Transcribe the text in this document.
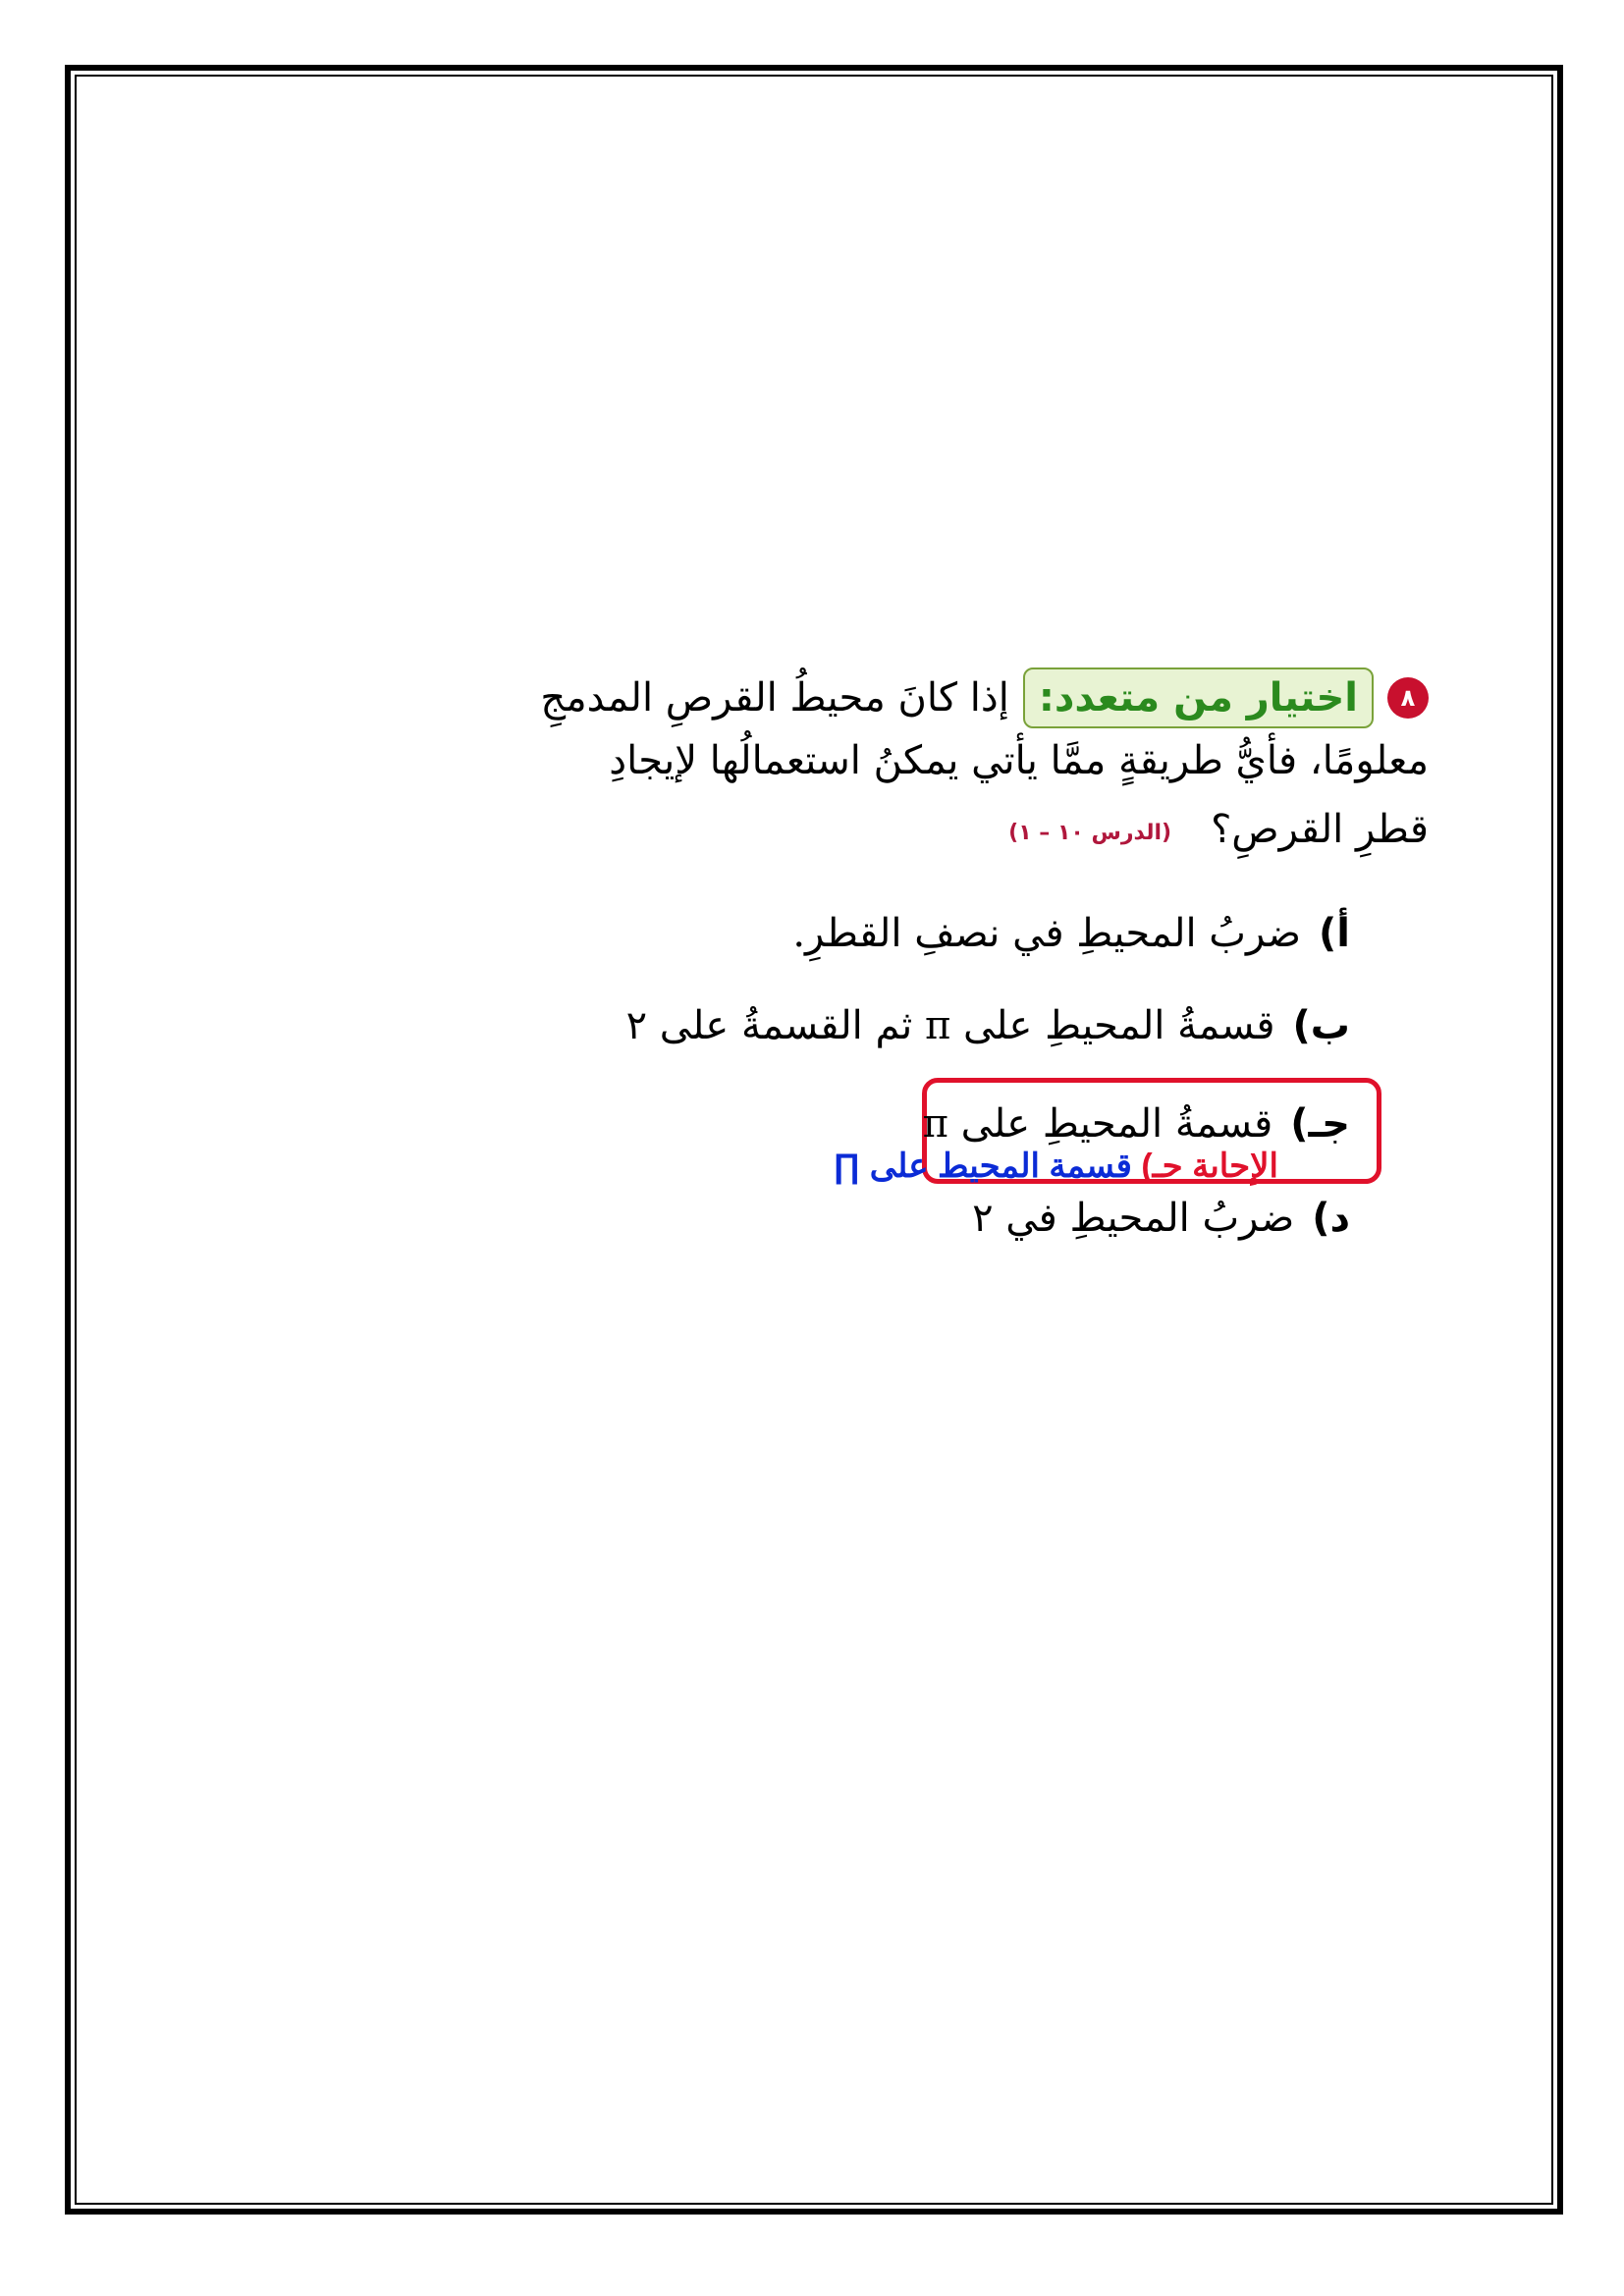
٨اختيار من متعدد:إذا كانَ محيطُ القرصِ المدمجِ
معلومًا، فأيُّ طريقةٍ ممَّا يأتي يمكنُ استعمالُها لإيجادِ
قطرِ القرصِ؟(الدرس ١٠ – ١)
أ)ضربُ المحيطِ في نصفِ القطرِ.
ب)قسمةُ المحيطِ على π ثم القسمةُ على ٢
جـ)قسمةُ المحيطِ على π
د)ضربُ المحيطِ في ٢
الإجابة جـ) قسمة المحيط على ∏
